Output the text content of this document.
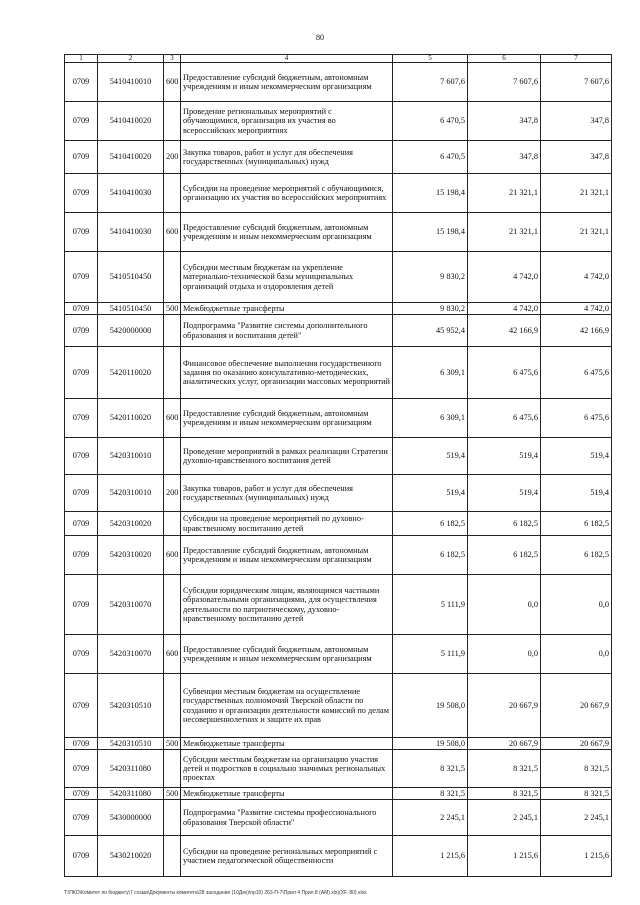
80
1	2	3	4	5	6	7
0709	5410410010	600	Предоставление субсидий бюджетным, автономным учреждениям и иным некоммерческим организациям	7 607,6	7 607,6	7 607,6
0709	5410410020		Проведение региональных мероприятий с обучающимися, организация их участия во всероссийских мероприятиях	6 470,5	347,8	347,8
0709	5410410020	200	Закупка товаров, работ и услуг для обеспечения государственных (муниципальных) нужд	6 470,5	347,8	347,8
0709	5410410030		Субсидии на проведение мероприятий с обучающимися, организацию их участия во всероссийских мероприятиях	15 198,4	21 321,1	21 321,1
0709	5410410030	600	Предоставление субсидий бюджетным, автономным учреждениям и иным некоммерческим организациям	15 198,4	21 321,1	21 321,1
0709	5410510450		Субсидии местным бюджетам на укрепление материально-технической базы муниципальных организаций отдыха и оздоровления детей	9 830,2	4 742,0	4 742,0
0709	5410510450	500	Межбюджетные трансферты	9 830,2	4 742,0	4 742,0
0709	5420000000		Подпрограмма "Развитие системы дополнительного образования и воспитания детей"	45 952,4	42 166,9	42 166,9
0709	5420110020		Финансовое обеспечение выполнения государственного задания по оказанию консультативно-методических, аналитических услуг, организации массовых мероприятий	6 309,1	6 475,6	6 475,6
0709	5420110020	600	Предоставление субсидий бюджетным, автономным учреждениям и иным некоммерческим организациям	6 309,1	6 475,6	6 475,6
0709	5420310010		Проведение мероприятий в рамках реализации Стратегии духовно-нравственного воспитания детей	519,4	519,4	519,4
0709	5420310010	200	Закупка товаров, работ и услуг для обеспечения государственных (муниципальных) нужд	519,4	519,4	519,4
0709	5420310020		Субсидии на проведение мероприятий по духовно-нравственному воспитанию детей	6 182,5	6 182,5	6 182,5
0709	5420310020	600	Предоставление субсидий бюджетным, автономным учреждениям и иным некоммерческим организациям	6 182,5	6 182,5	6 182,5
0709	5420310070		Субсидии юридическим лицам, являющимся частными образовательными организациями, для осуществления деятельности по патриотическому, духовно-нравственному воспитанию детей	5 111,9	0,0	0,0
0709	5420310070	600	Предоставление субсидий бюджетным, автономным учреждениям и иным некоммерческим организациям	5 111,9	0,0	0,0
0709	5420310510		Субвенции местным бюджетам на осуществление государственных полномочий Тверской области по созданию и организации деятельности комиссий по делам несовершеннолетних и защите их прав	19 508,0	20 667,9	20 667,9
0709	5420310510	500	Межбюджетные трансферты	19 508,0	20 667,9	20 667,9
0709	5420311080		Субсидии местным бюджетам на организацию участия детей и подростков в социально значимых региональных проектах	8 321,5	8 321,5	8 321,5
0709	5420311080	500	Межбюджетные трансферты	8 321,5	8 321,5	8 321,5
0709	5430000000		Подпрограмма "Развитие системы профессионального образования Тверской области"	2 245,1	2 245,1	2 245,1
0709	5430210020		Субсидии на проведение региональных мероприятий с участием педагогической общественности	1 215,6	1 215,6	1 215,6
T:\ПКО\Комитет по бюджету\7 созыв\Документы комитета\28 заседание (10Дек)\пр10) 263-П-7\Прил 4 Прил 8 (АМ).xls)(XF, 80).xlsx
